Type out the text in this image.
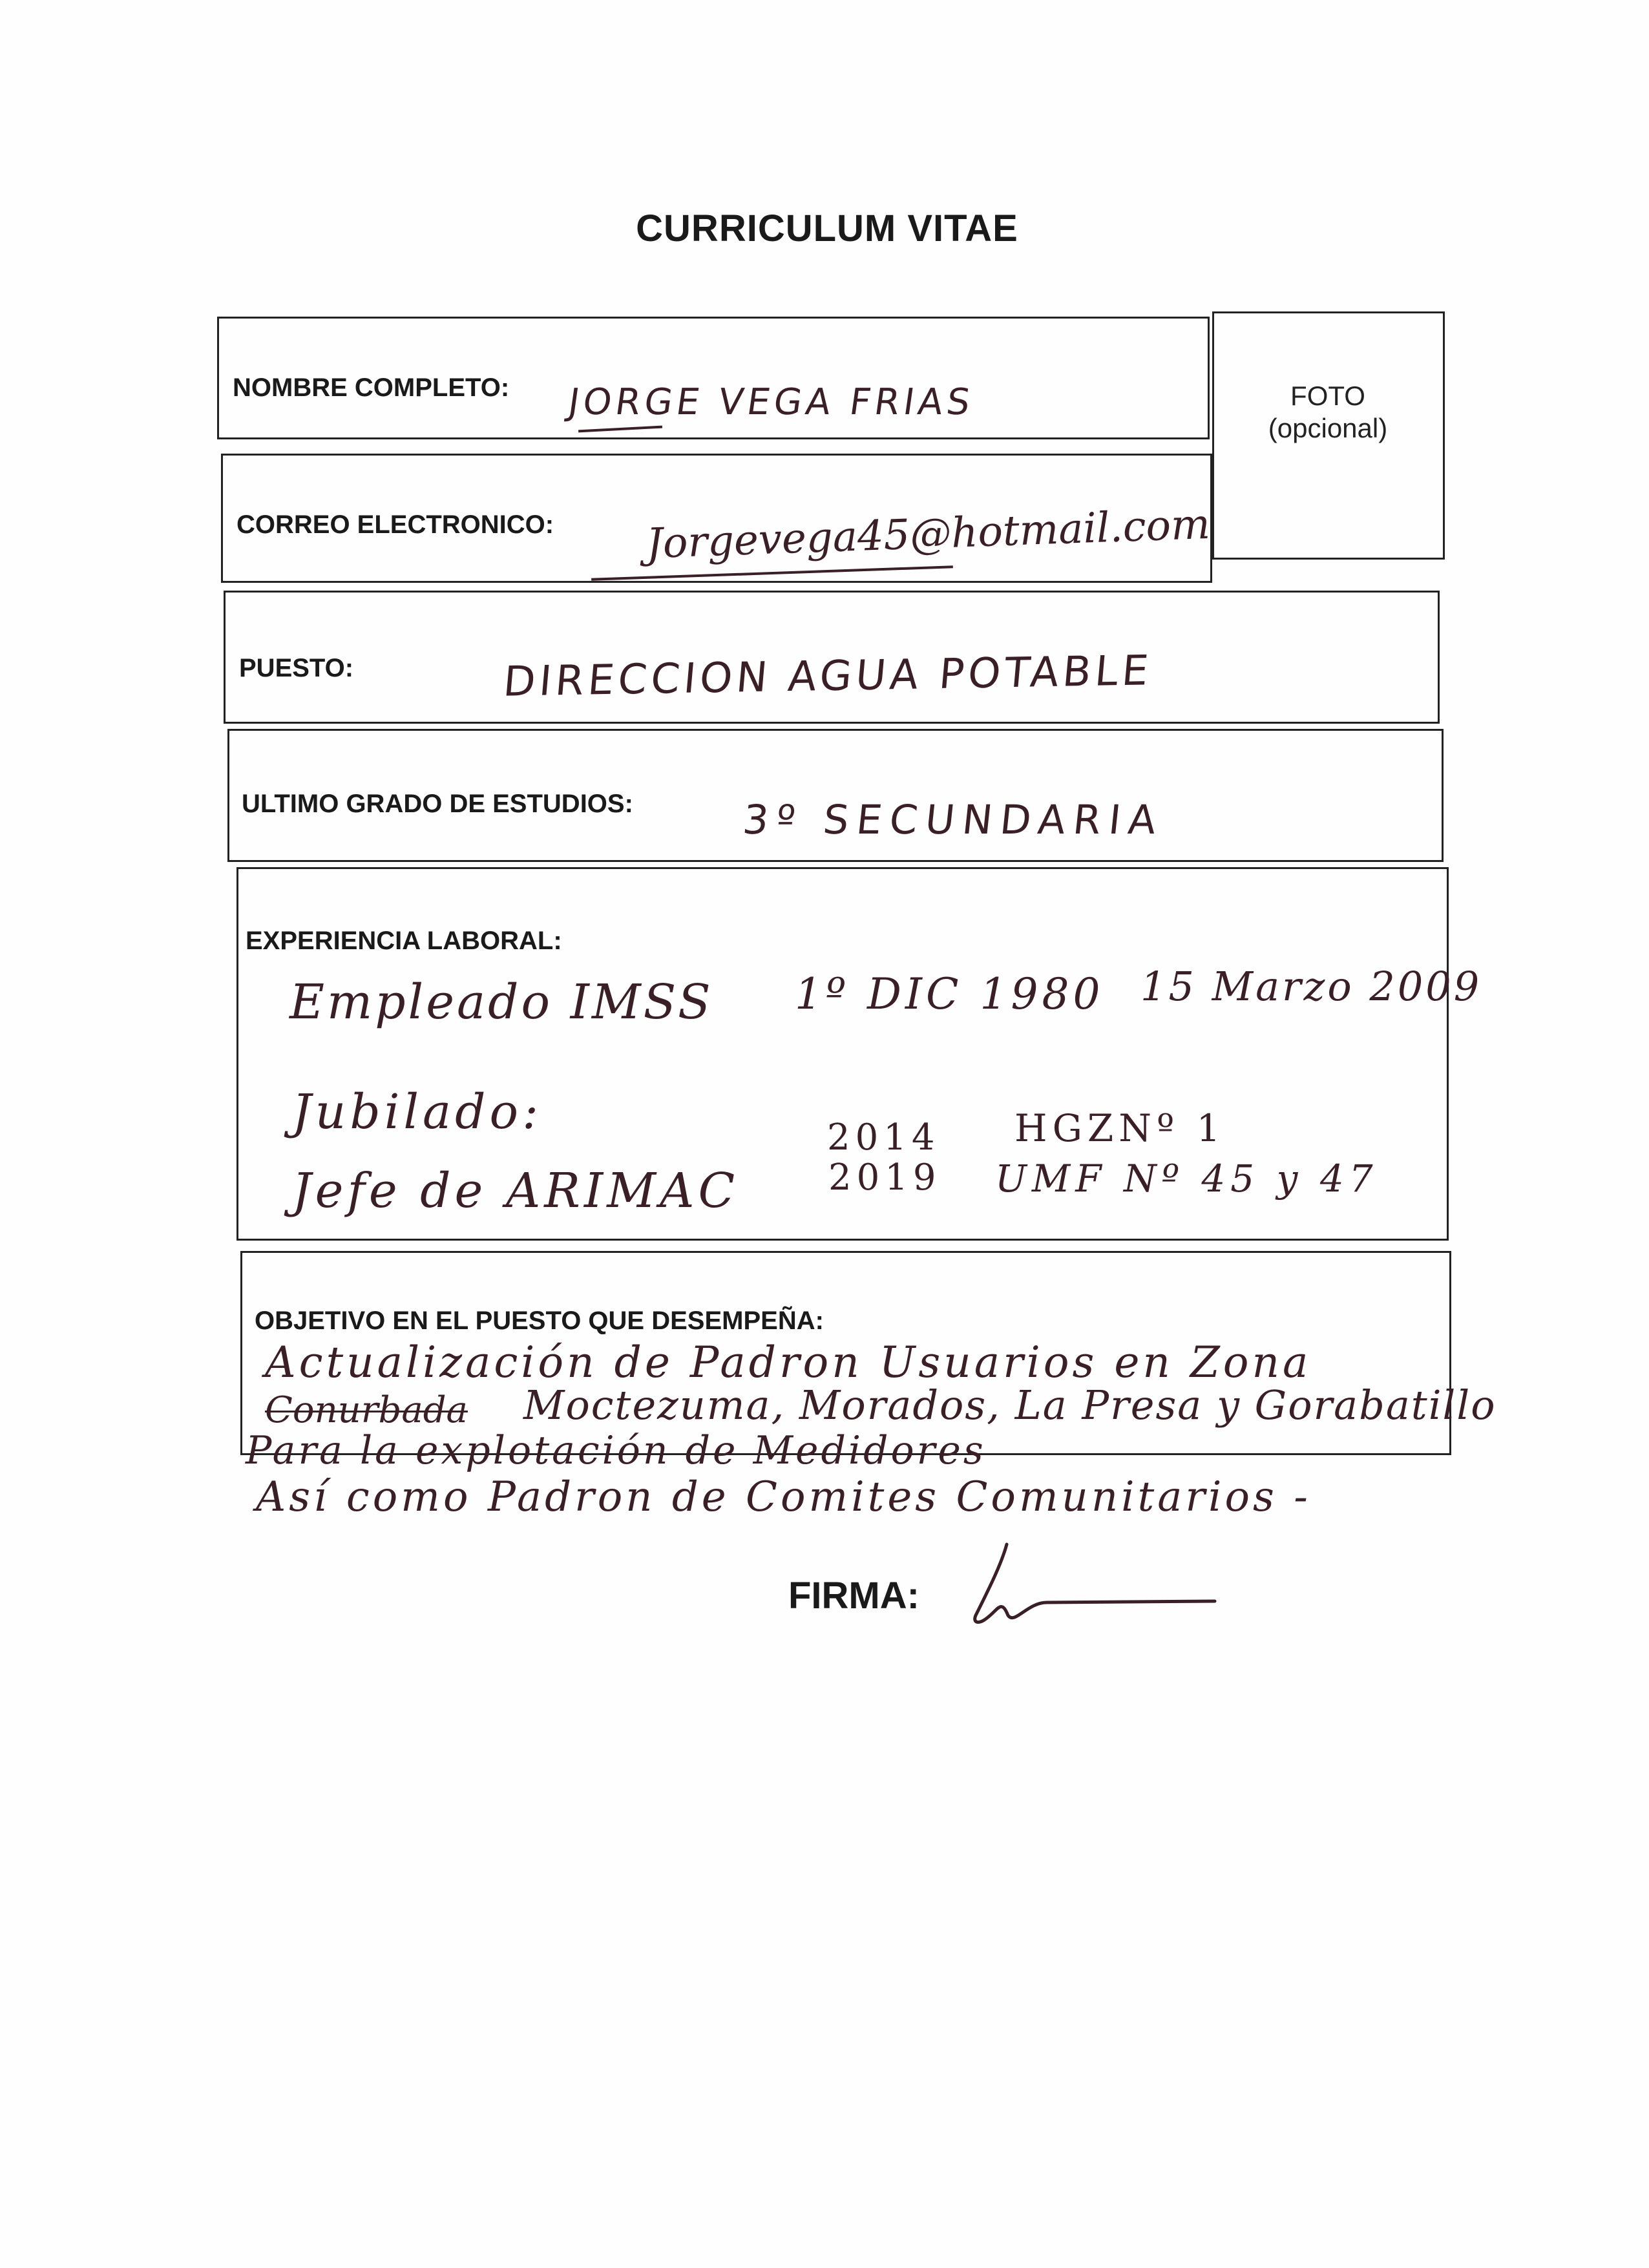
CURRICULUM VITAE
NOMBRE COMPLETO: JORGE VEGA FRIAS	FOTO
(opcional)
CORREO ELECTRONICO: Jorgevega45@hotmail.com
PUESTO:	DIRECCION AGUA POTABLE
ULTIMO GRADO DE ESTUDIOS:	3º SECUNDARIA
EXPERIENCIA LABORAL:
Empleado IMSS 1º DIC 1980 15 Marzo 2009
Jubilado:	2014 HGZNº 1
Jefe de ARIMAC 2019 UMF Nº 45 y 47
OBJETIVO EN EL PUESTO QUE DESEMPEÑA:
Actualización de Padron Usuarios en Zona
Conurbada Moctezuma, Morados, La Presa y Gorabatillo
Para la explotación de Medidores
Así como Padron de Comites Comunitarios -
FIRMA:
